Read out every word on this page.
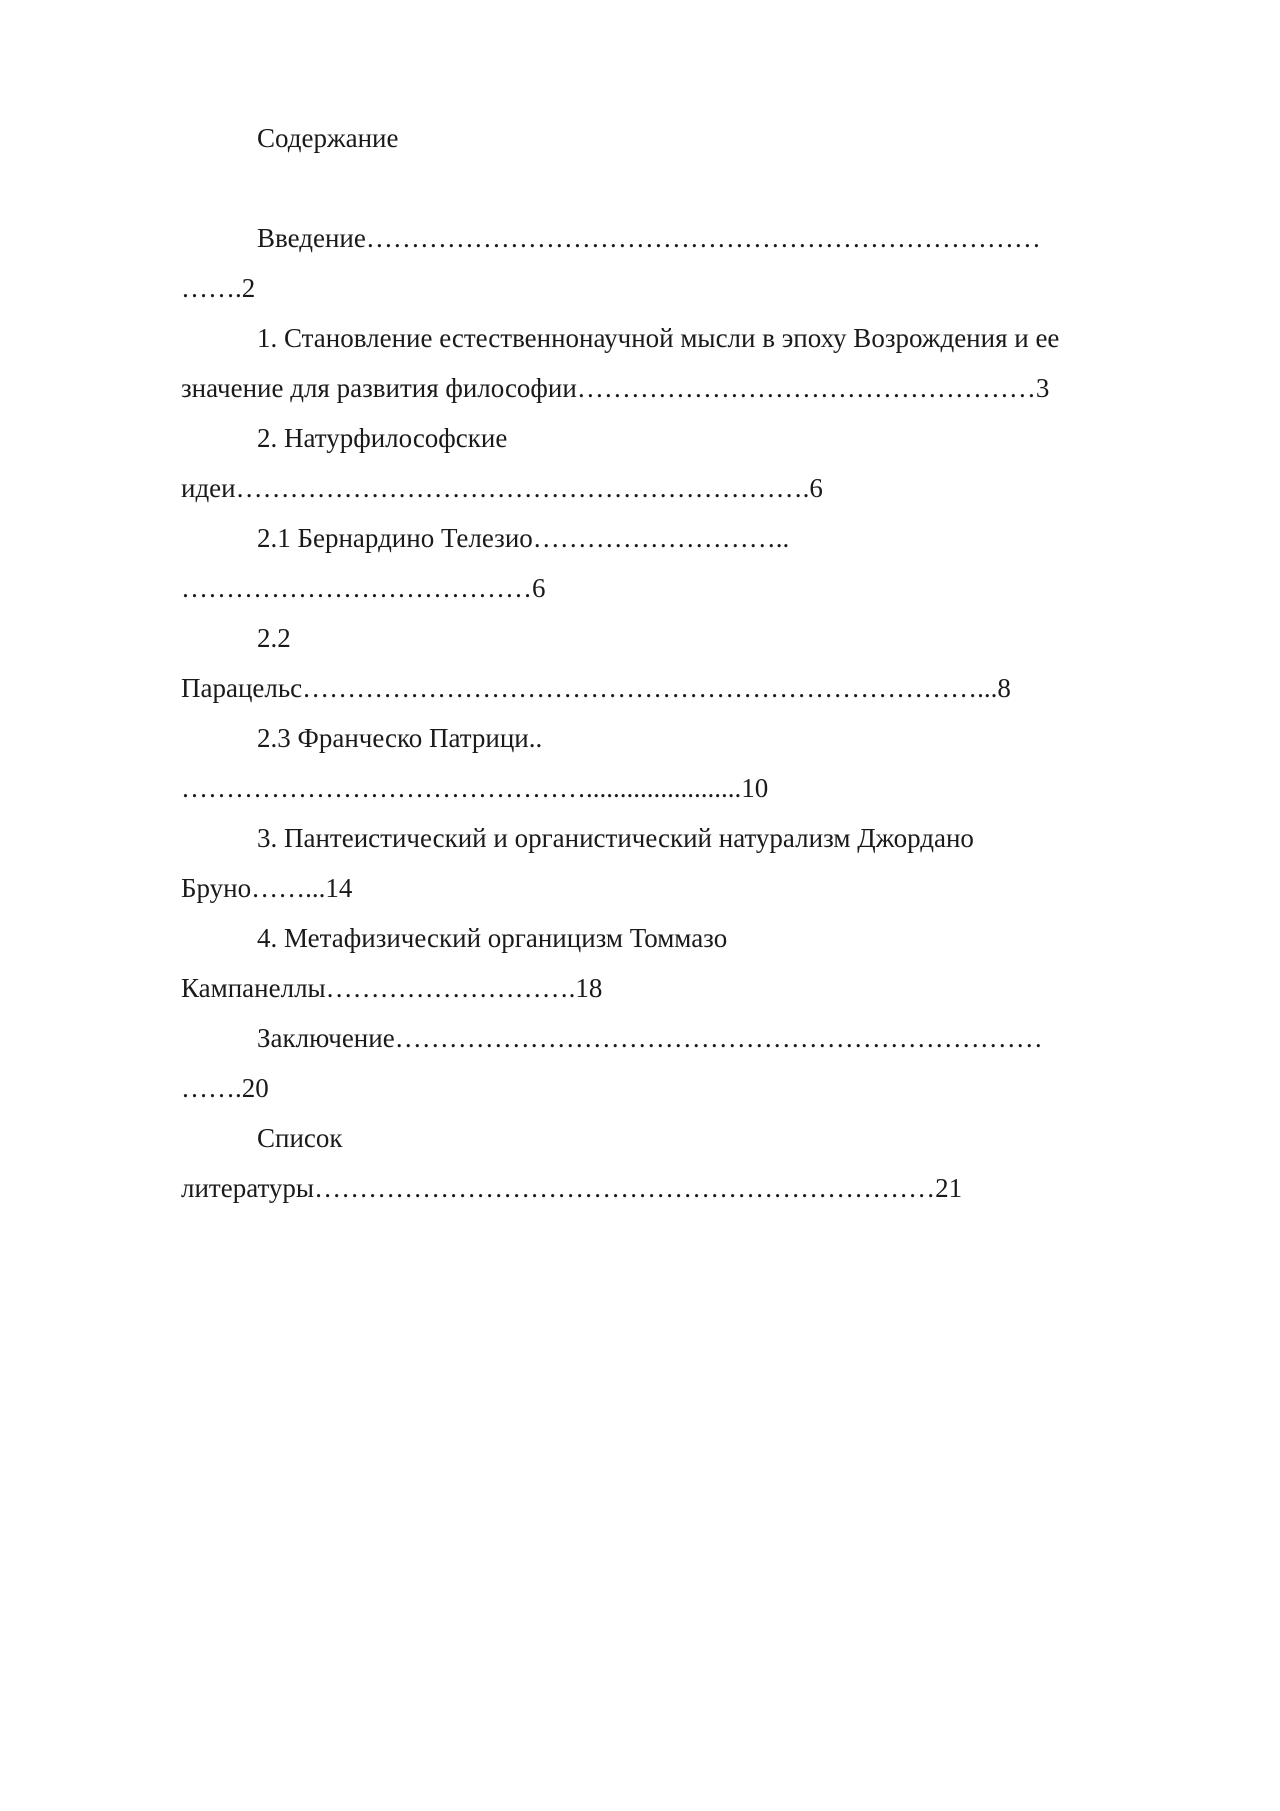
Содержание

Введение…………………………………………………………………
…….2

1. Становление естественнонаучной мысли в эпоху Возрождения и ее
значение для развития философии……………………………………………3

2. Натурфилософские
идеи……………………………………………………….6

2.1 Бернардино Телезио………………………..
…………………………………6

2.2
Парацельс…………………………………………………………………...8

2.3 Франческо Патрици..
……………………………………….......................10

3. Пантеистический и органистический натурализм Джордано
Бруно……...14

4. Метафизический органицизм Томмазо
Кампанеллы……………………….18

Заключение………………………………………………………………
…….20

Список
литературы……………………………………………………………21
